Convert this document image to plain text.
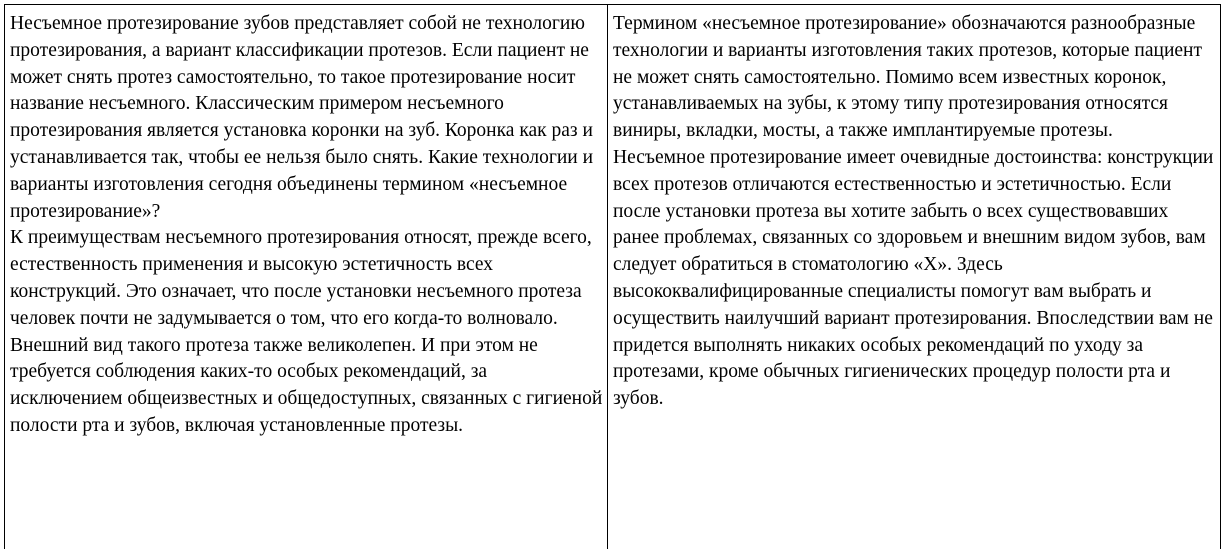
Несъемное протезирование зубов представляет собой не технологию протезирования, а вариант классификации протезов. Если пациент не может снять протез самостоятельно, то такое протезирование носит название несъемного. Классическим примером несъемного протезирования является установка коронки на зуб. Коронка как раз и устанавливается так, чтобы ее нельзя было снять. Какие технологии и варианты изготовления сегодня объединены термином «несъемное протезирование»?
К преимуществам несъемного протезирования относят, прежде всего, естественность применения и высокую эстетичность всех конструкций. Это означает, что после установки несъемного протеза человек почти не задумывается о том, что его когда-то волновало. Внешний вид такого протеза также великолепен. И при этом не требуется соблюдения каких-то особых рекомендаций, за исключением общеизвестных и общедоступных, связанных с гигиеной полости рта и зубов, включая установленные протезы.

Термином «несъемное протезирование» обозначаются разнообразные технологии и варианты изготовления таких протезов, которые пациент не может снять самостоятельно. Помимо всем известных коронок, устанавливаемых на зубы, к этому типу протезирования относятся виниры, вкладки, мосты, а также имплантируемые протезы.
Несъемное протезирование имеет очевидные достоинства: конструкции всех протезов отличаются естественностью и эстетичностью. Если после установки протеза вы хотите забыть о всех существовавших ранее проблемах, связанных со здоровьем и внешним видом зубов, вам следует обратиться в стоматологию «Х». Здесь высококвалифицированные специалисты помогут вам выбрать и осуществить наилучший вариант протезирования. Впоследствии вам не придется выполнять никаких особых рекомендаций по уходу за протезами, кроме обычных гигиенических процедур полости рта и зубов.
